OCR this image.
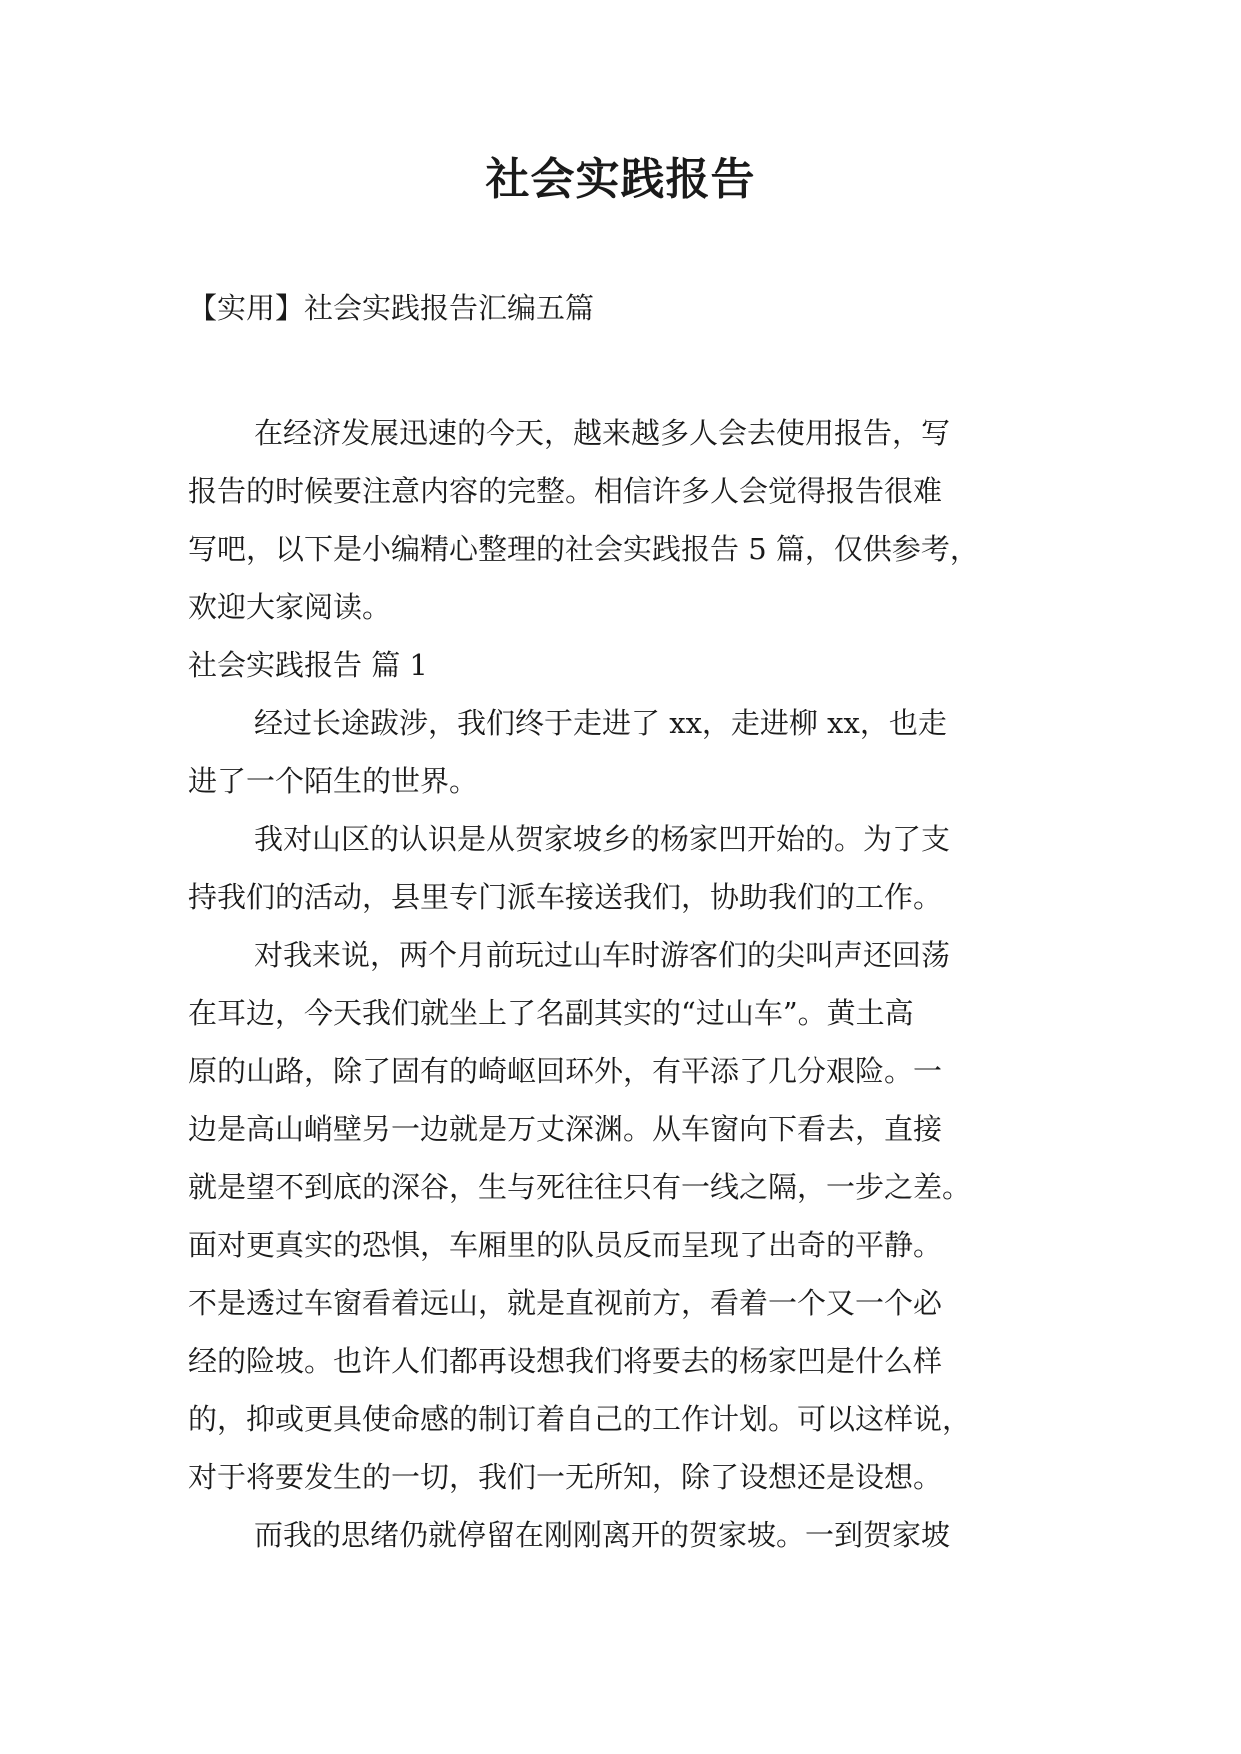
社会实践报告

【实用】社会实践报告汇编五篇

在经济发展迅速的今天，越来越多人会去使用报告，写

报告的时候要注意内容的完整。相信许多人会觉得报告很难

写吧，以下是小编精心整理的社会实践报告 5 篇，仅供参考，

欢迎大家阅读。

社会实践报告 篇 1

经过长途跋涉，我们终于走进了 xx，走进柳 xx，也走

进了一个陌生的世界。

我对山区的认识是从贺家坡乡的杨家凹开始的。为了支

持我们的活动，县里专门派车接送我们，协助我们的工作。

对我来说，两个月前玩过山车时游客们的尖叫声还回荡

在耳边，今天我们就坐上了名副其实的“过山车”。黄土高

原的山路，除了固有的崎岖回环外，有平添了几分艰险。一

边是高山峭壁另一边就是万丈深渊。从车窗向下看去，直接

就是望不到底的深谷，生与死往往只有一线之隔，一步之差。

面对更真实的恐惧，车厢里的队员反而呈现了出奇的平静。

不是透过车窗看着远山，就是直视前方，看着一个又一个必

经的险坡。也许人们都再设想我们将要去的杨家凹是什么样

的，抑或更具使命感的制订着自己的工作计划。可以这样说，

对于将要发生的一切，我们一无所知，除了设想还是设想。

而我的思绪仍就停留在刚刚离开的贺家坡。一到贺家坡
